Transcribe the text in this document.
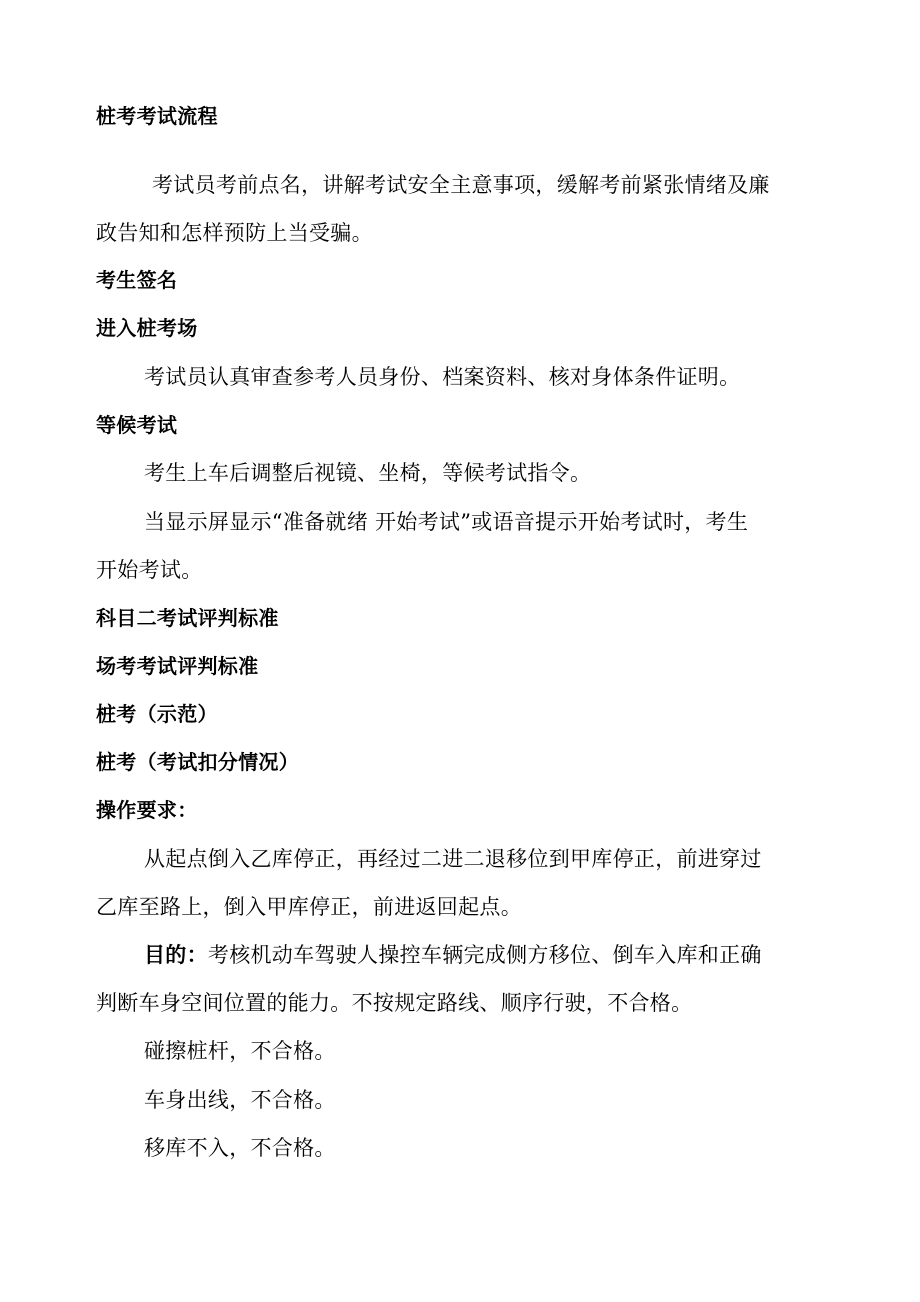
桩考考试流程
考试员考前点名，讲解考试安全主意事项，缓解考前紧张情绪及廉
政告知和怎样预防上当受骗。
考生签名
进入桩考场
考试员认真审查参考人员身份、档案资料、核对身体条件证明。
等候考试
考生上车后调整后视镜、坐椅，等候考试指令。
当显示屏显示“准备就绪 开始考试”或语音提示开始考试时，考生
开始考试。
科目二考试评判标准
场考考试评判标准
桩考（示范）
桩考（考试扣分情况）
操作要求：
从起点倒入乙库停正，再经过二进二退移位到甲库停正，前进穿过
乙库至路上，倒入甲库停正，前进返回起点。
目的：考核机动车驾驶人操控车辆完成侧方移位、倒车入库和正确
判断车身空间位置的能力。不按规定路线、顺序行驶，不合格。
碰擦桩杆，不合格。
车身出线，不合格。
移库不入，不合格。
